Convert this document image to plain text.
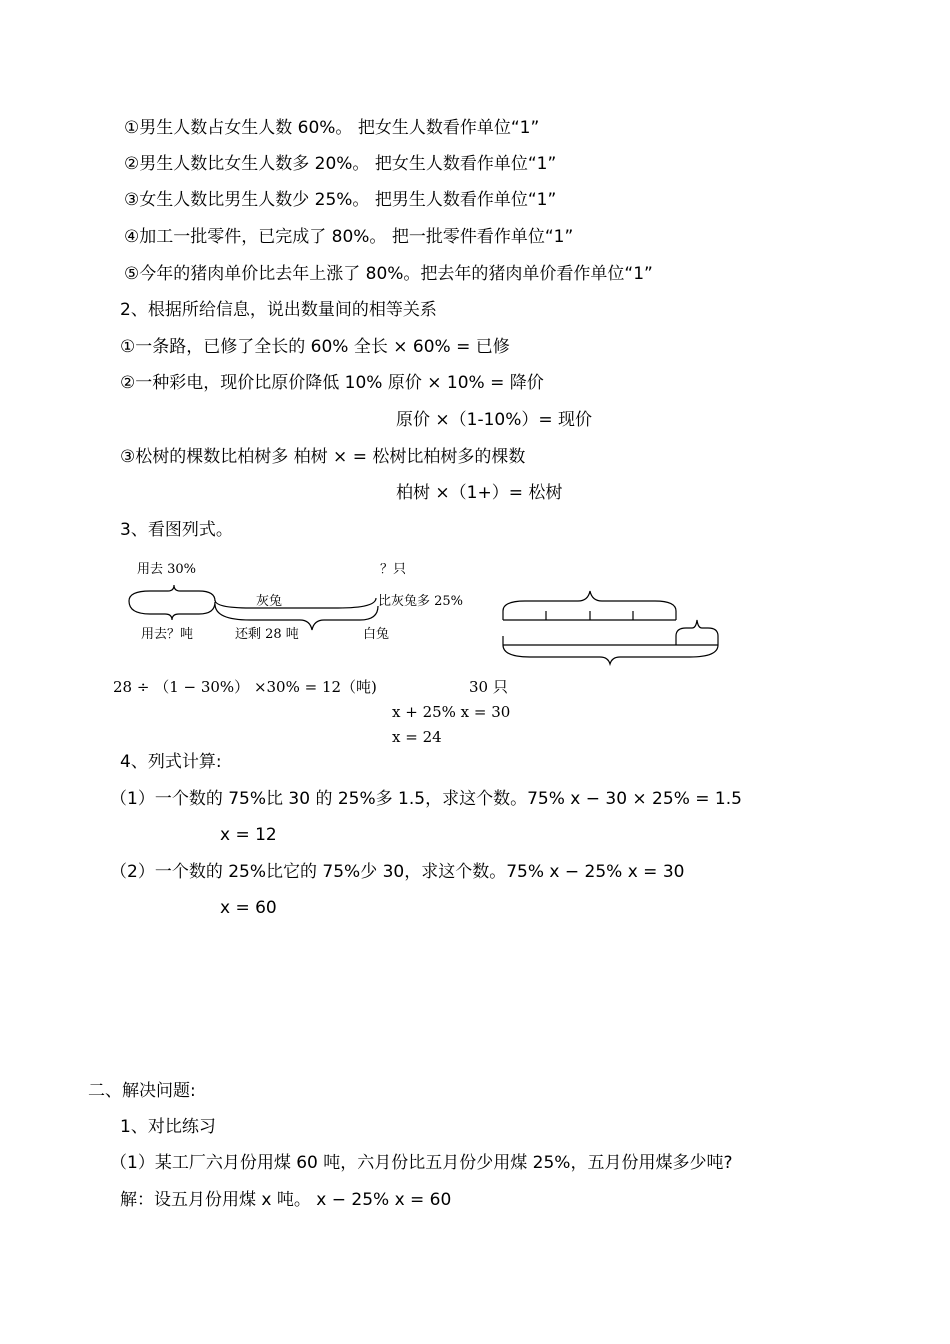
①男生人数占女生人数 60%。 把女生人数看作单位“1”
②男生人数比女生人数多 20%。 把女生人数看作单位“1”
③女生人数比男生人数少 25%。 把男生人数看作单位“1”
④加工一批零件，已完成了 80%。 把一批零件看作单位“1”
⑤今年的猪肉单价比去年上涨了 80%。把去年的猪肉单价看作单位“1”
2、根据所给信息，说出数量间的相等关系
①一条路，已修了全长的 60% 全长 × 60% = 已修
②一种彩电，现价比原价降低 10% 原价 × 10% = 降价
原价 ×（1-10%）= 现价
③松树的棵数比柏树多 柏树 × = 松树比柏树多的棵数
柏树 ×（1+）= 松树
3、看图列式。
用去 30%
用去？吨	还剩 28 吨
28 ÷ （1 − 30%） ×30% = 12（吨)
？只
灰兔	比灰兔多 25%
白兔
30 只
x + 25% x = 30
x = 24
4、列式计算:
（1）一个数的 75%比 30 的 25%多 1.5，求这个数。75% x − 30 × 25% = 1.5
x = 12
（2）一个数的 25%比它的 75%少 30，求这个数。75% x − 25% x = 30
x = 60
二、解决问题:
1、对比练习
（1）某工厂六月份用煤 60 吨，六月份比五月份少用煤 25%，五月份用煤多少吨?
解：设五月份用煤 x 吨。 x − 25% x = 60
